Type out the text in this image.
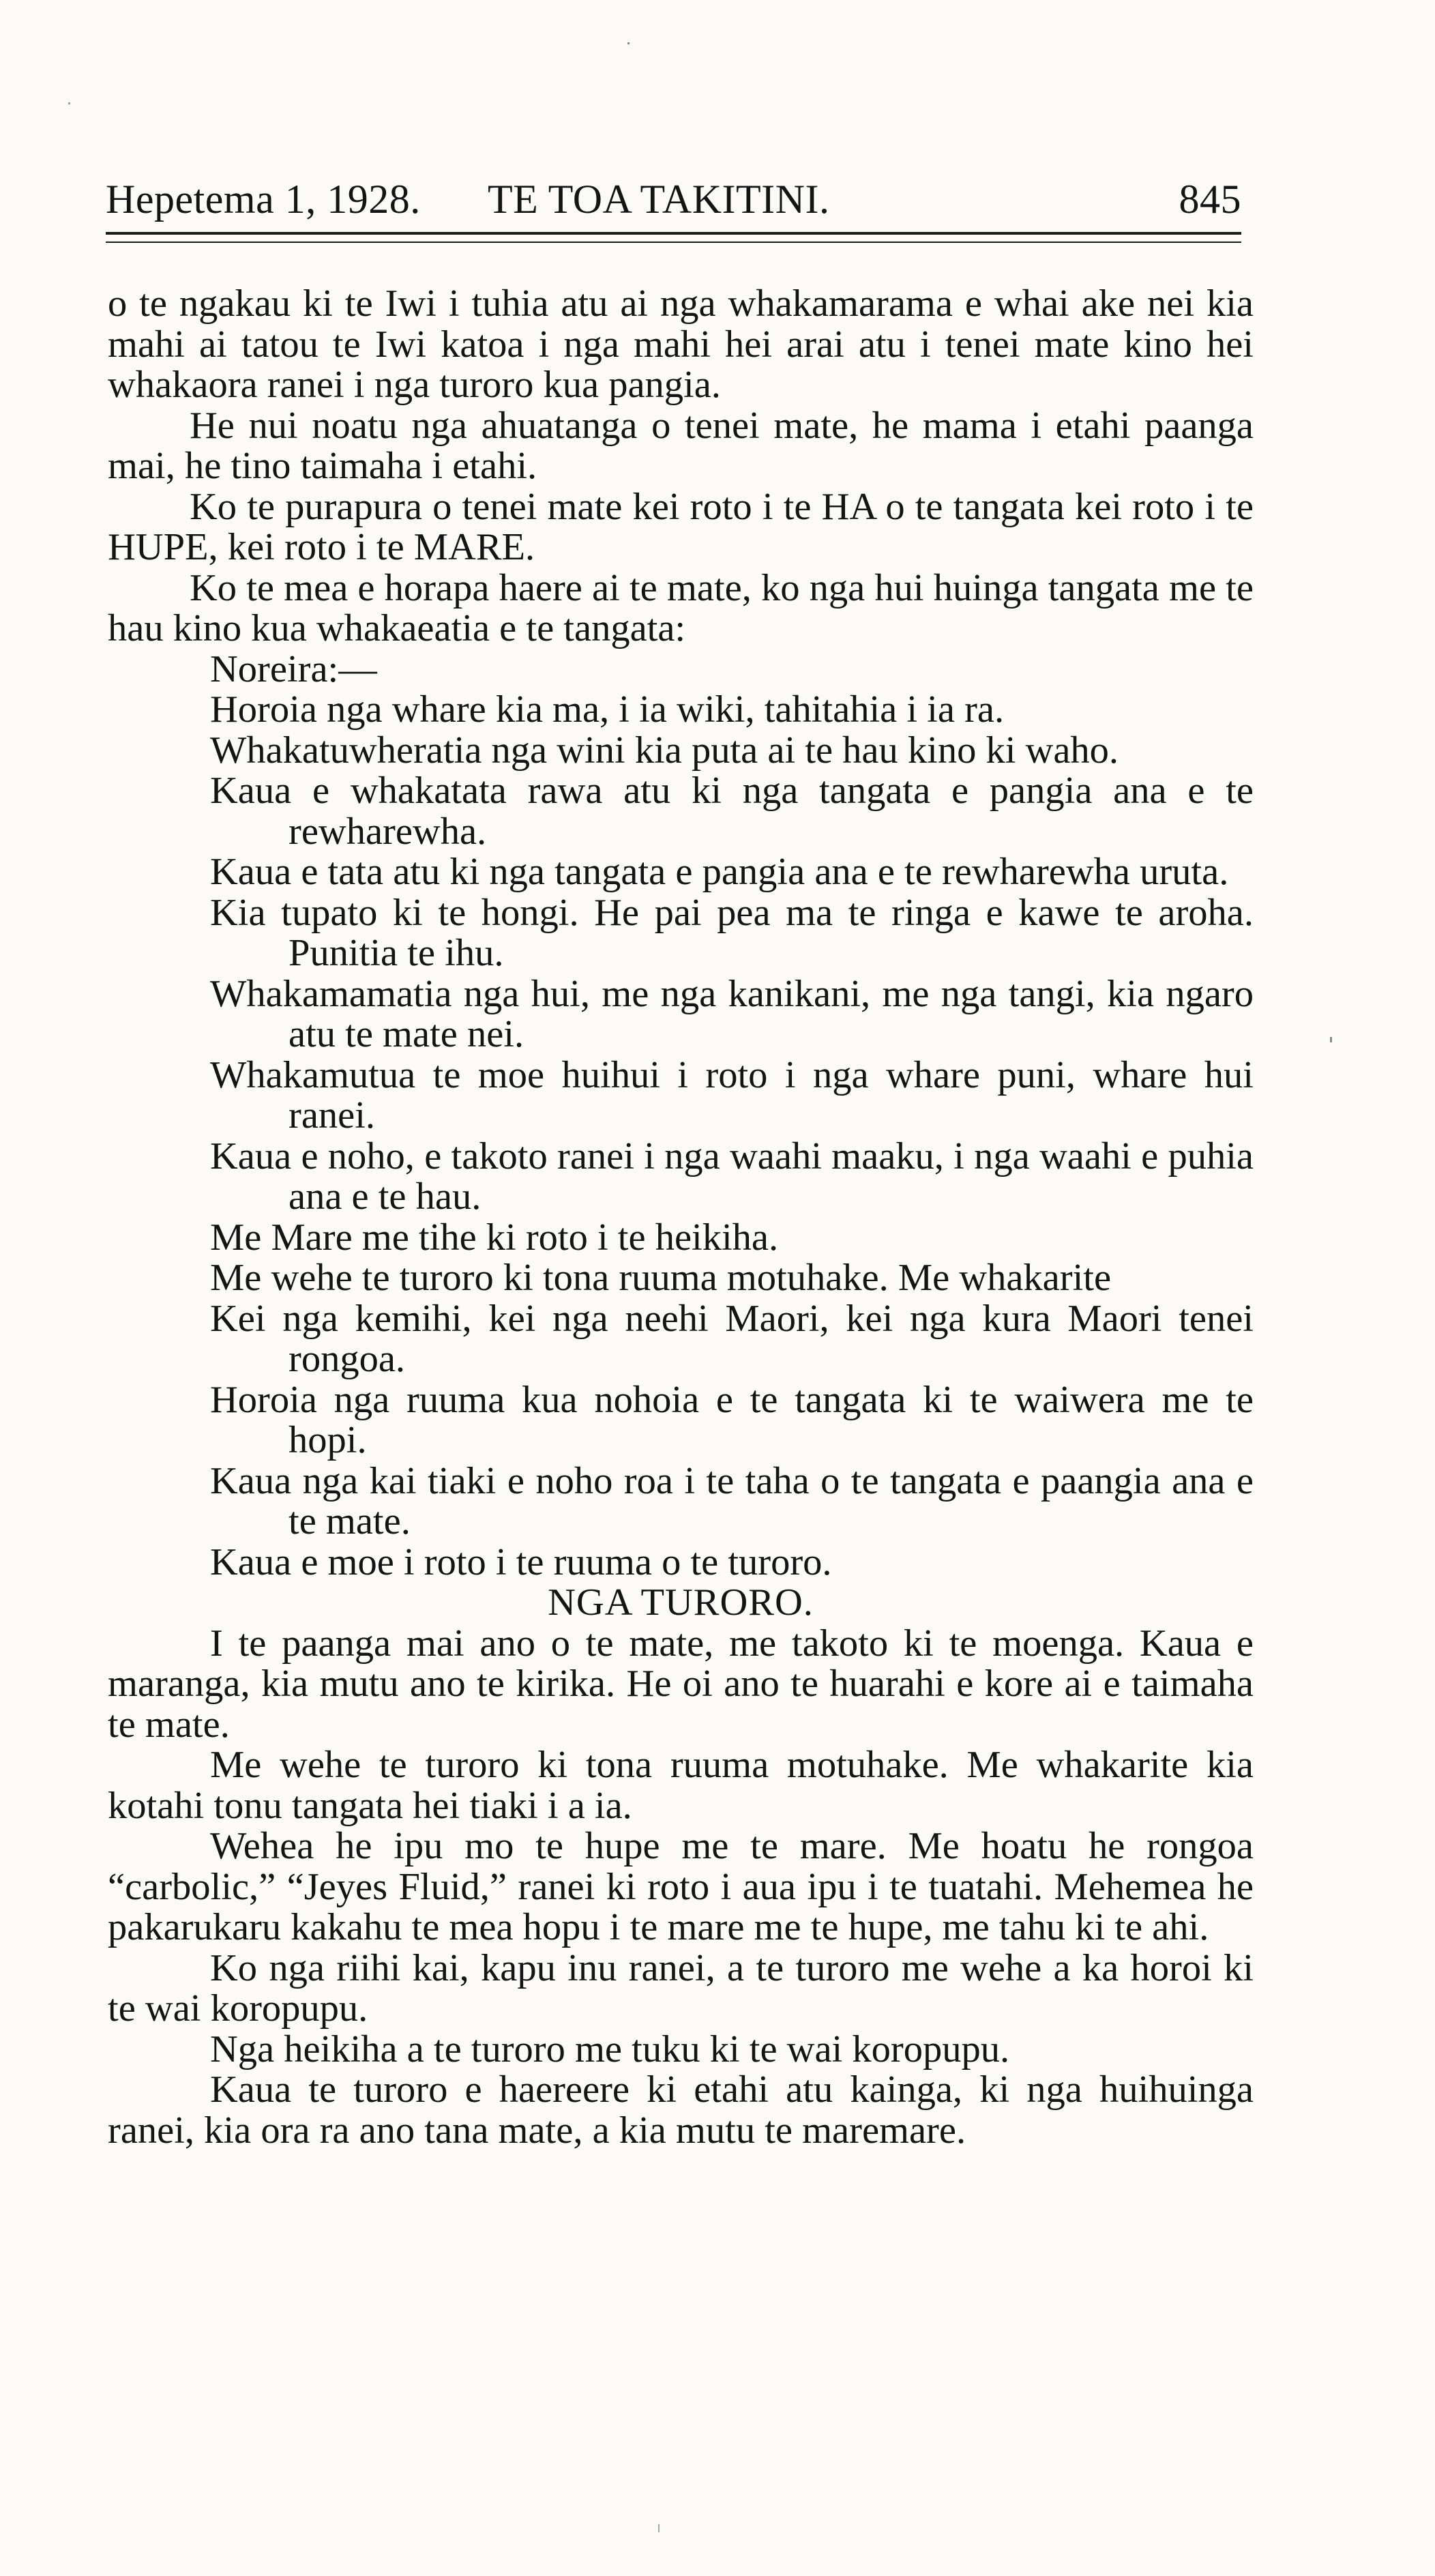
Hepetema 1, 1928. TE TOA TAKITINI.	845

o te ngakau ki te Iwi i tuhia atu ai nga whakamarama e whai ake nei kia mahi ai tatou te Iwi katoa i nga mahi hei arai atu i tenei mate kino hei whakaora ranei i nga turoro kua pangia.

He nui noatu nga ahuatanga o tenei mate, he mama i etahi paanga mai, he tino taimaha i etahi.

Ko te purapura o tenei mate kei roto i te HA o te tangata kei roto i te HUPE, kei roto i te MARE.

Ko te mea e horapa haere ai te mate, ko nga hui huinga tangata me te hau kino kua whakaeatia e te tangata:

Noreira:—

Horoia nga whare kia ma, i ia wiki, tahitahia i ia ra.

Whakatuwheratia nga wini kia puta ai te hau kino ki waho.

Kaua e whakatata rawa atu ki nga tangata e pangia ana e te rewharewha.

Kaua e tata atu ki nga tangata e pangia ana e te rewharewha uruta.

Kia tupato ki te hongi. He pai pea ma te ringa e kawe te aroha. Punitia te ihu.

Whakamamatia nga hui, me nga kanikani, me nga tangi, kia ngaro atu te mate nei.

Whakamutua te moe huihui i roto i nga whare puni, whare hui ranei.

Kaua e noho, e takoto ranei i nga waahi maaku, i nga waahi e puhia ana e te hau.

Me Mare me tihe ki roto i te heikiha.

Me wehe te turoro ki tona ruuma motuhake. Me whakarite

Kei nga kemihi, kei nga neehi Maori, kei nga kura Maori tenei rongoa.

Horoia nga ruuma kua nohoia e te tangata ki te waiwera me te hopi.

Kaua nga kai tiaki e noho roa i te taha o te tangata e paangia ana e te mate.

Kaua e moe i roto i te ruuma o te turoro.

NGA TURORO.

I te paanga mai ano o te mate, me takoto ki te moenga. Kaua e maranga, kia mutu ano te kirika. He oi ano te huarahi e kore ai e taimaha te mate.

Me wehe te turoro ki tona ruuma motuhake. Me whakarite kia kotahi tonu tangata hei tiaki i a ia.

Wehea he ipu mo te hupe me te mare. Me hoatu he rongoa “carbolic,” “Jeyes Fluid,” ranei ki roto i aua ipu i te tuatahi. Mehemea he pakarukaru kakahu te mea hopu i te mare me te hupe, me tahu ki te ahi.

Ko nga riihi kai, kapu inu ranei, a te turoro me wehe a ka horoi ki te wai koropupu.

Nga heikiha a te turoro me tuku ki te wai koropupu.

Kaua te turoro e haereere ki etahi atu kainga, ki nga huihuinga ranei, kia ora ra ano tana mate, a kia mutu te maremare.
